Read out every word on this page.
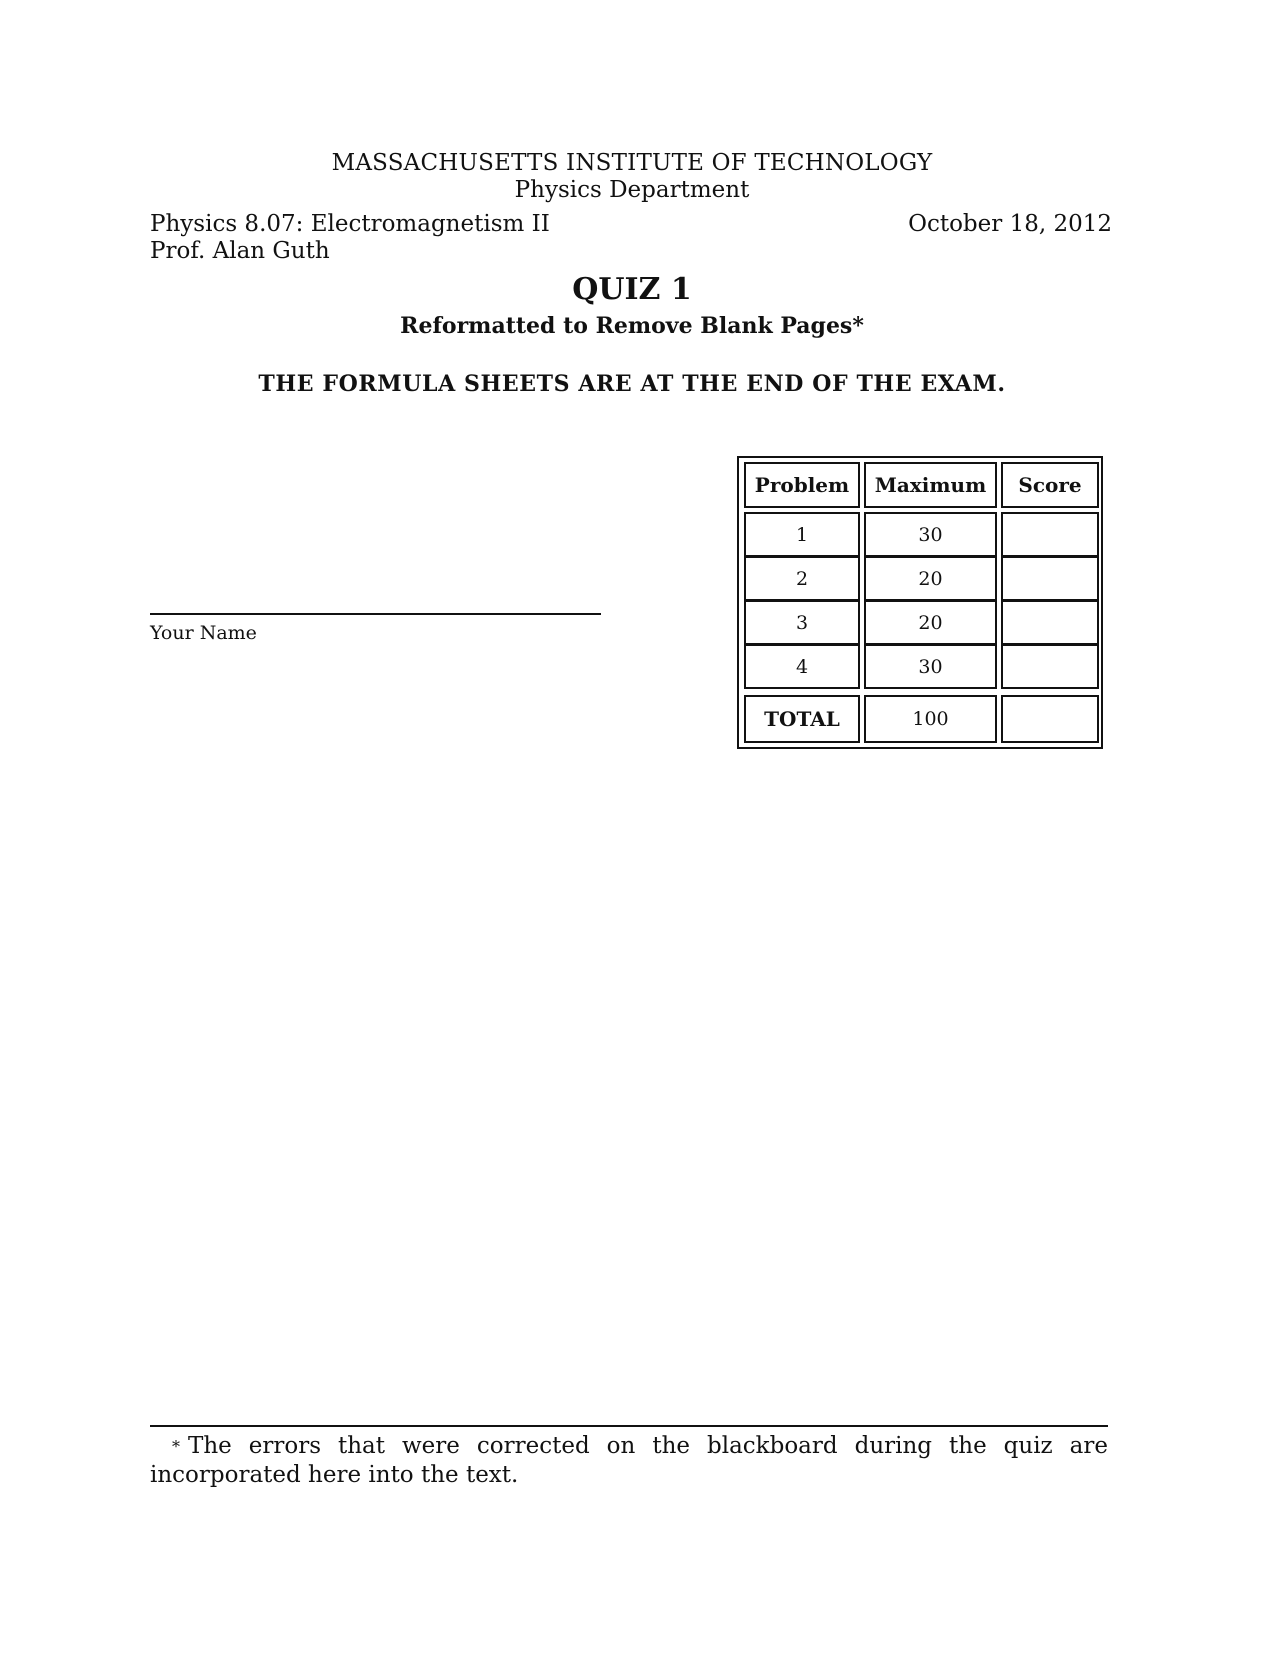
MASSACHUSETTS INSTITUTE OF TECHNOLOGY
Physics Department
Physics 8.07: Electromagnetism II
Prof. Alan Guth
October 18, 2012
QUIZ 1
Reformatted to Remove Blank Pages*
THE FORMULA SHEETS ARE AT THE END OF THE EXAM.
Your Name
Problem	Maximum	Score
1	30
2	20
3	20
4	30
TOTAL	100
* The errors that were corrected on the blackboard during the quiz are incorporated here into the text.
